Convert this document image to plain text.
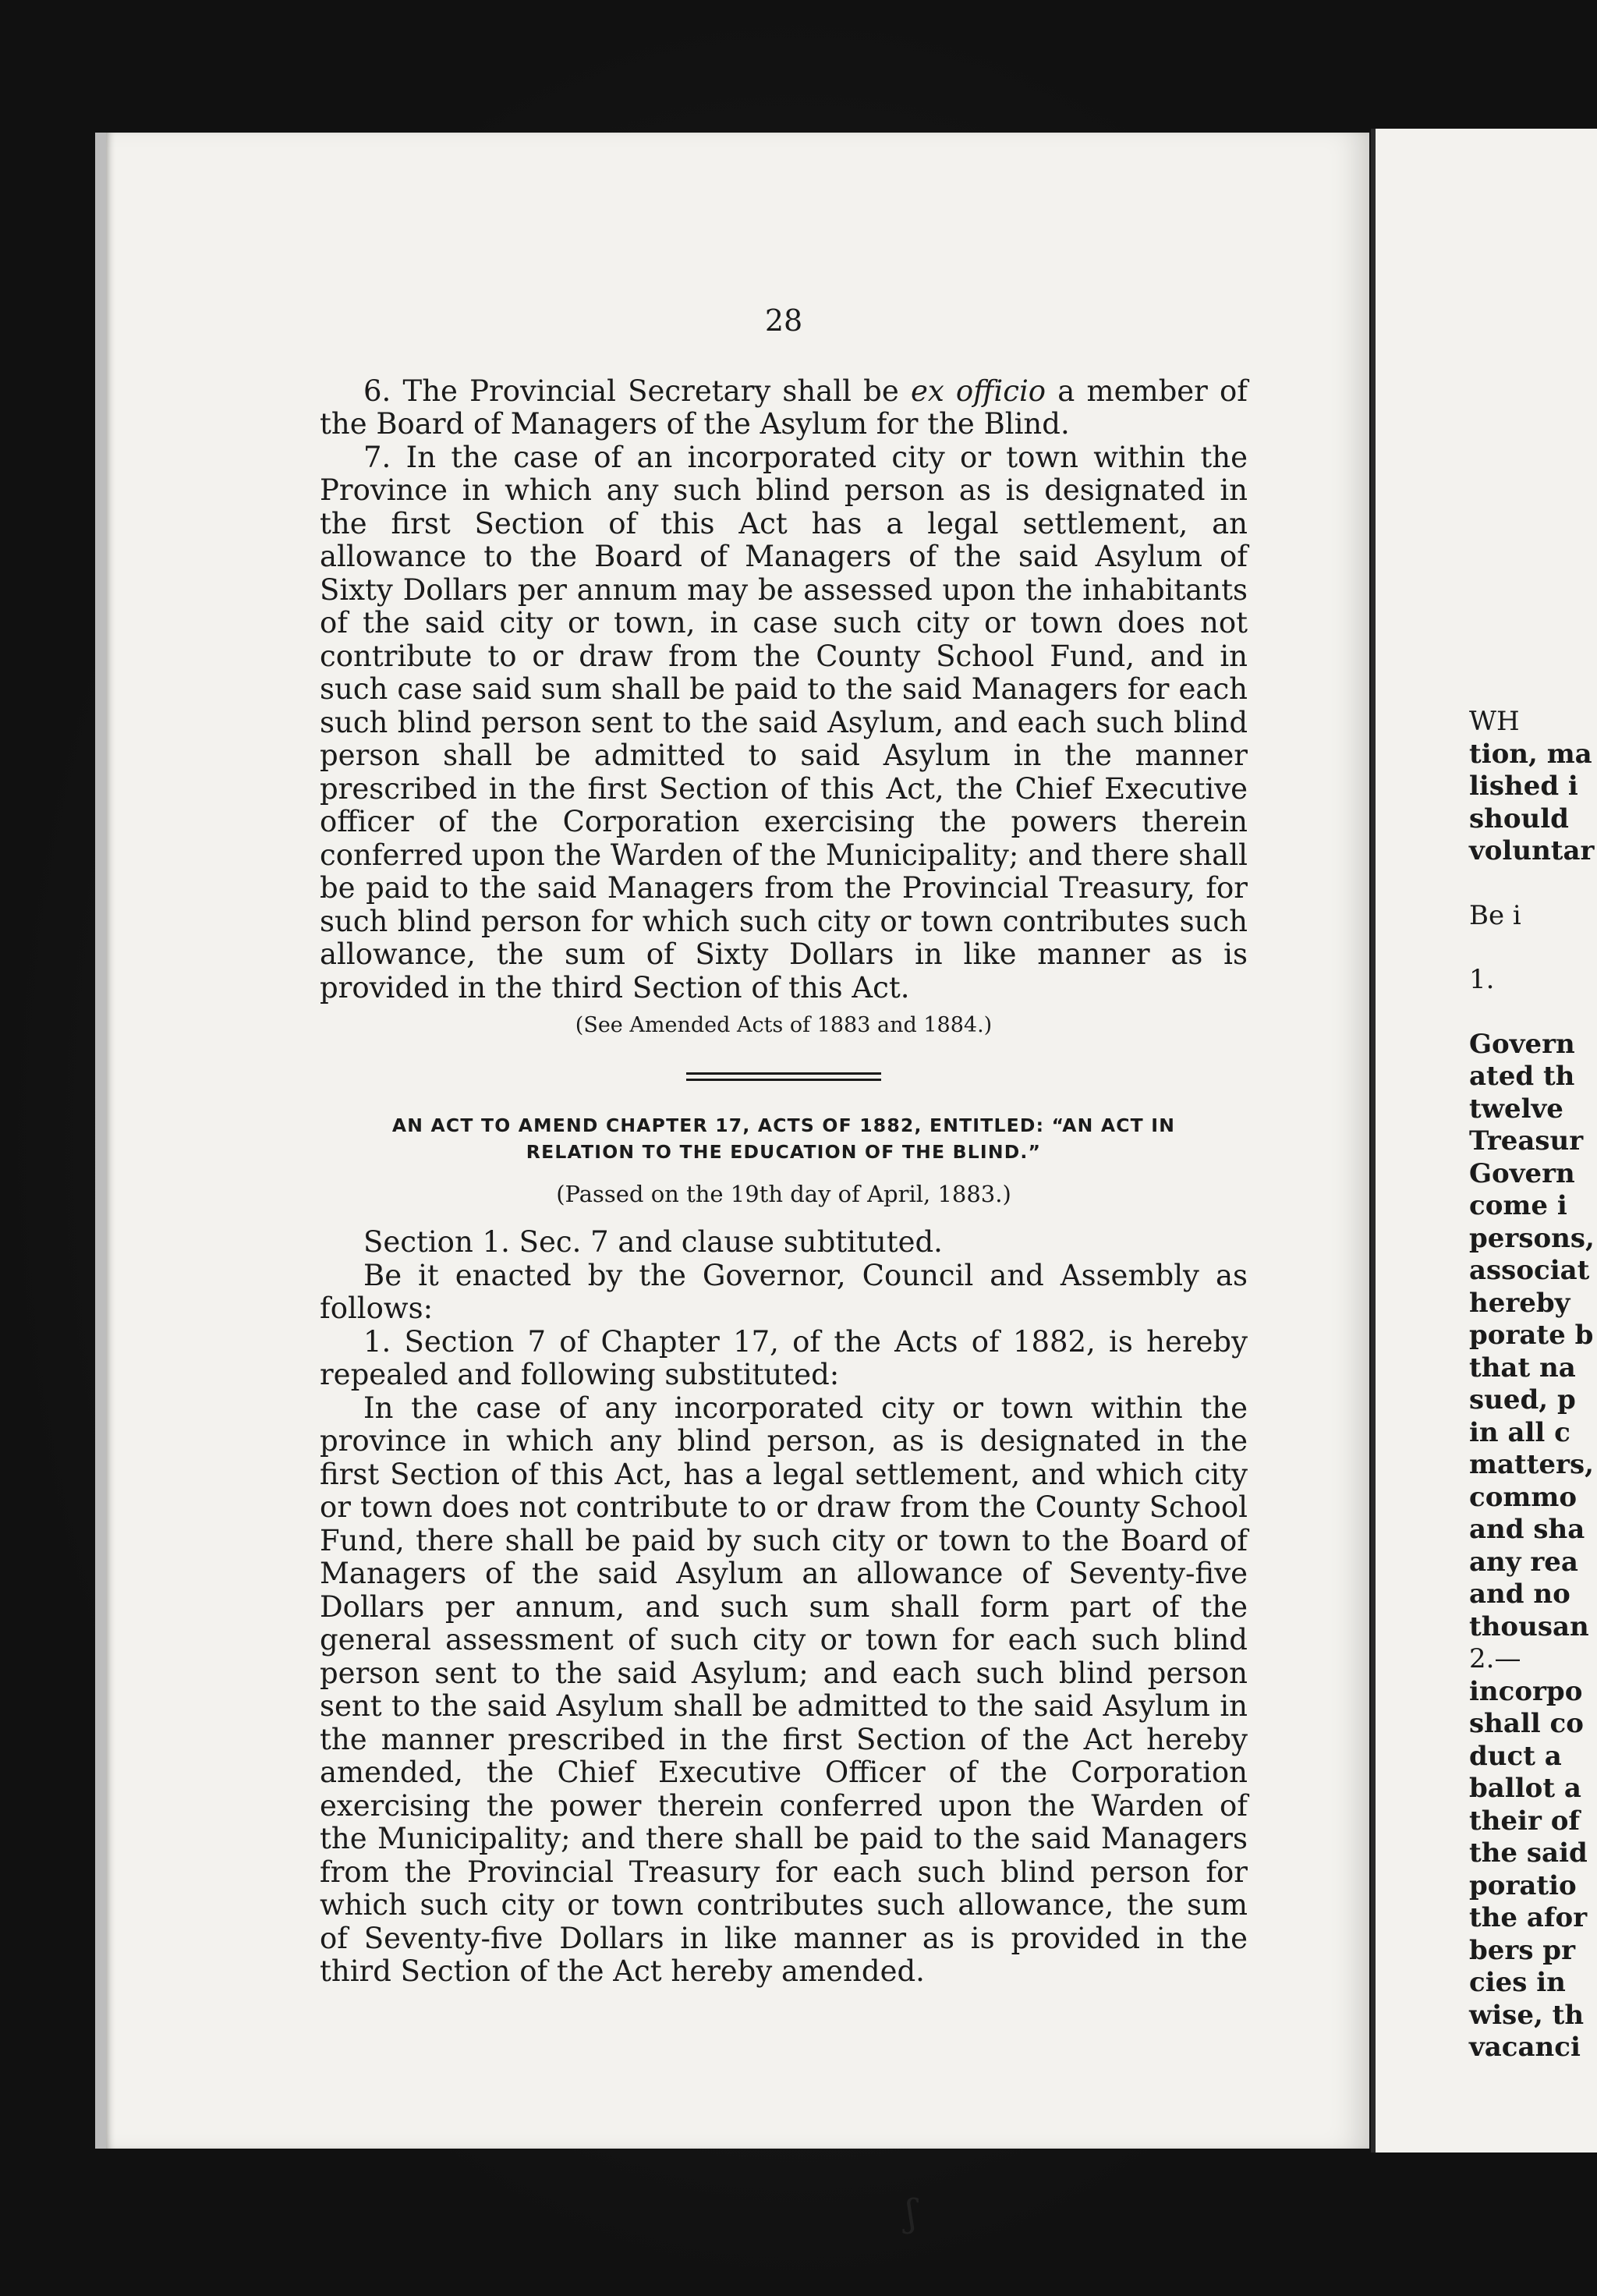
28

6. The Provincial Secretary shall be ex officio a member of the Board of Managers of the Asylum for the Blind.

7. In the case of an incorporated city or town within the Province in which any such blind person as is designated in the first Section of this Act has a legal settlement, an allowance to the Board of Managers of the said Asylum of Sixty Dollars per annum may be assessed upon the inhabitants of the said city or town, in case such city or town does not contribute to or draw from the County School Fund, and in such case said sum shall be paid to the said Managers for each such blind person sent to the said Asylum, and each such blind person shall be admitted to said Asylum in the manner prescribed in the first Section of this Act, the Chief Executive officer of the Corporation exercising the powers therein conferred upon the Warden of the Municipality; and there shall be paid to the said Managers from the Provincial Treasury, for such blind person for which such city or town contributes such allowance, the sum of Sixty Dollars in like manner as is provided in the third Section of this Act.

(See Amended Acts of 1883 and 1884.)

AN ACT TO AMEND CHAPTER 17, ACTS OF 1882, ENTITLED: “AN ACT IN
RELATION TO THE EDUCATION OF THE BLIND.”

(Passed on the 19th day of April, 1883.)

Section 1. Sec. 7 and clause subtituted.

Be it enacted by the Governor, Council and Assembly as follows:

1. Section 7 of Chapter 17, of the Acts of 1882, is hereby repealed and following substituted:

In the case of any incorporated city or town within the province in which any blind person, as is designated in the first Section of this Act, has a legal settlement, and which city or town does not contribute to or draw from the County School Fund, there shall be paid by such city or town to the Board of Managers of the said Asylum an allowance of Seventy-five Dollars per annum, and such sum shall form part of the general assessment of such city or town for each such blind person sent to the said Asylum; and each such blind person sent to the said Asylum shall be admitted to the said Asylum in the manner prescribed in the first Section of the Act hereby amended, the Chief Executive Officer of the Corporation exercising the power therein conferred upon the Warden of the Municipality; and there shall be paid to the said Managers from the Provincial Treasury for each such blind person for which such city or town contributes such allowance, the sum of Seventy-five Dollars in like manner as is provided in the third Section of the Act hereby amended.

WH
tion, ma
lished i
should
voluntar
Be i
1.
Govern
ated th
twelve
Treasur
Govern
come i
persons,
associat
hereby
porate b
that na
sued, p
in all c
matters,
commo
and sha
any rea
and no
thousan
2.—
incorpo
shall co
duct a
ballot a
their of
the said
poratio
the afor
bers pr
cies in
wise, th
vacanci
ʃ
